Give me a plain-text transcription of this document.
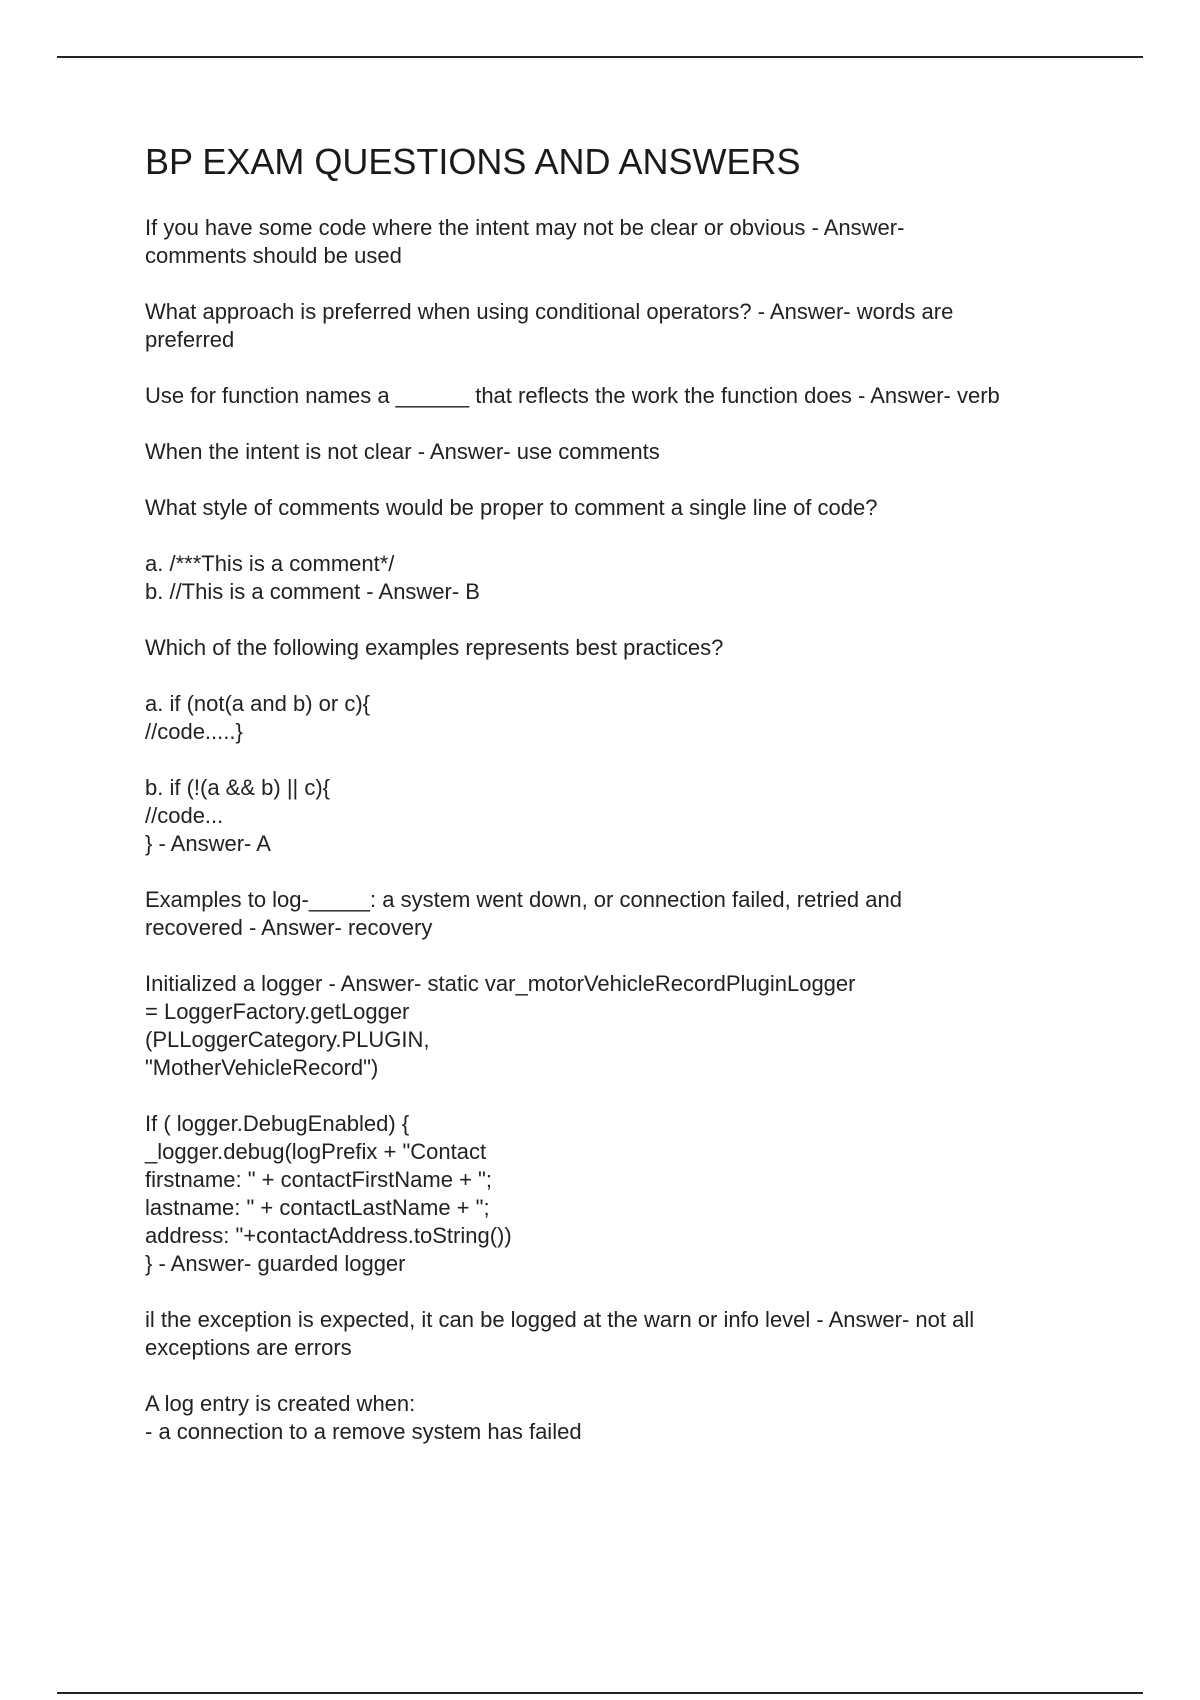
BP EXAM QUESTIONS AND ANSWERS
If you have some code where the intent may not be clear or obvious - Answer-
comments should be used
What approach is preferred when using conditional operators? - Answer- words are
preferred
Use for function names a ______ that reflects the work the function does - Answer- verb
When the intent is not clear - Answer- use comments
What style of comments would be proper to comment a single line of code?
a. /***This is a comment*/
b. //This is a comment - Answer- B
Which of the following examples represents best practices?
a. if (not(a and b) or c){
//code.....}
b. if (!(a && b) || c){
//code...
} - Answer- A
Examples to log-_____: a system went down, or connection failed, retried and
recovered - Answer- recovery
Initialized a logger - Answer- static var_motorVehicleRecordPluginLogger
= LoggerFactory.getLogger
(PLLoggerCategory.PLUGIN,
"MotherVehicleRecord")
If ( logger.DebugEnabled) {
_logger.debug(logPrefix + "Contact
firstname: " + contactFirstName + ";
lastname: " + contactLastName + ";
address: "+contactAddress.toString())
} - Answer- guarded logger
il the exception is expected, it can be logged at the warn or info level - Answer- not all
exceptions are errors
A log entry is created when:
- a connection to a remove system has failed
